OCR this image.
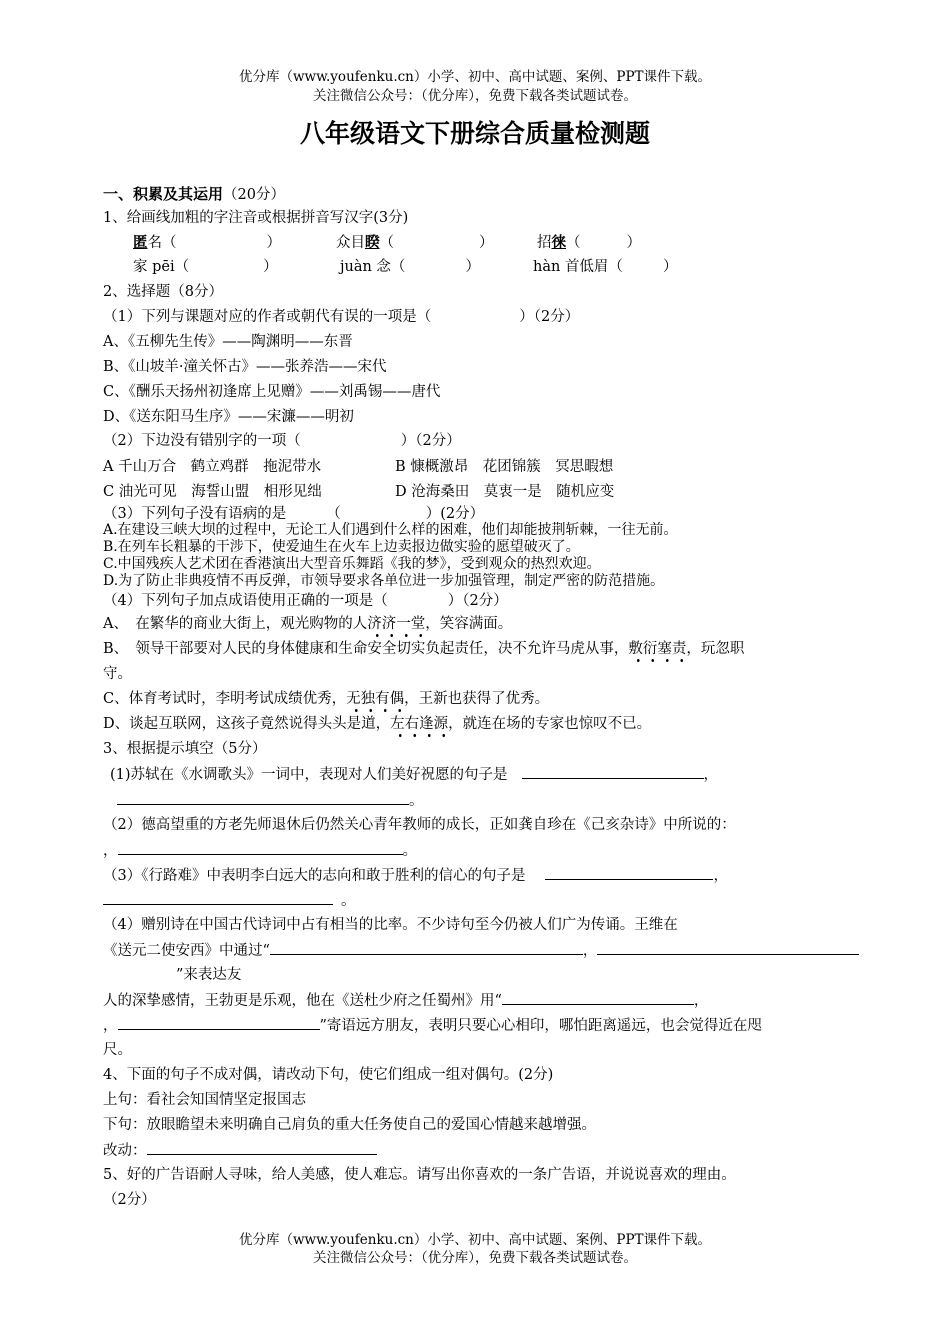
优分库（www.youfenku.cn）小学、初中、高中试题、案例、PPT课件下载。
关注微信公众号：（优分库），免费下载各类试题试卷。
八年级语文下册综合质量检测题
一、积累及其运用（20分）
1、给画线加粗的字注音或根据拼音写汉字(3分)
匿名（	）	众目睽（	）	招徕（	）
家 pēi（	）	juàn 念（	）	hàn 首低眉（	）
2、选择题（8分）
（1）下列与课题对应的作者或朝代有误的一项是（	）（2分）
A、《五柳先生传》——陶渊明——东晋
B、《山坡羊·潼关怀古》——张养浩——宋代
C、《酬乐天扬州初逢席上见赠》——刘禹锡——唐代
D、《送东阳马生序》——宋濂——明初
（2）下边没有错别字的一项（	）（2分）
A 千山万合　鹤立鸡群　拖泥带水	B 慷概激昂　花团锦簇　冥思暇想
C 油光可见　海誓山盟　相形见绌	D 沧海桑田　莫衷一是　随机应变
（3）下列句子没有语病的是	（	）(2分）
A.在建设三峡大坝的过程中，无论工人们遇到什么样的困难，他们却能披荆斩棘，一往无前。
B.在列车长粗暴的干涉下，使爱迪生在火车上边卖报边做实验的愿望破灭了。
C.中国残疾人艺术团在香港演出大型音乐舞蹈《我的梦》，受到观众的热烈欢迎。
D.为了防止非典疫情不再反弹，市领导要求各单位进一步加强管理，制定严密的防范措施。
（4）下列句子加点成语使用正确的一项是（	）（2分）
A、　在繁华的商业大街上，观光购物的人济济一堂，笑容满面。
B、　领导干部要对人民的身体健康和生命安全切实负起责任，决不允许马虎从事，敷衍塞责，玩忽职
守。
C、体育考试时，李明考试成绩优秀，无独有偶，王新也获得了优秀。
D、谈起互联网，这孩子竟然说得头头是道，左右逢源，就连在场的专家也惊叹不已。
3、根据提示填空（5分）
(1)苏轼在《水调歌头》一词中，表现对人们美好祝愿的句子是	，
。
（2）德高望重的方老先师退休后仍然关心青年教师的成长，正如龚自珍在《己亥杂诗》中所说的：
，	。
（3）《行路难》中表明李白远大的志向和敢于胜利的信心的句子是	，
。
（4）赠别诗在中国古代诗词中占有相当的比率。不少诗句至今仍被人们广为传诵。王维在
《送元二使安西》中通过“	，
”来表达友
人的深挚感情，王勃更是乐观，他在《送杜少府之任蜀州》用“	，
，	”寄语远方朋友，表明只要心心相印，哪怕距离遥远，也会觉得近在咫
尺。
4、下面的句子不成对偶，请改动下句，使它们组成一组对偶句。(2分)
上句：看社会知国情坚定报国志
下句：放眼瞻望未来明确自己肩负的重大任务使自己的爱国心情越来越增强。
改动：
5、好的广告语耐人寻味，给人美感，使人难忘。请写出你喜欢的一条广告语，并说说喜欢的理由。
（2分）
优分库（www.youfenku.cn）小学、初中、高中试题、案例、PPT课件下载。
关注微信公众号：（优分库），免费下载各类试题试卷。
